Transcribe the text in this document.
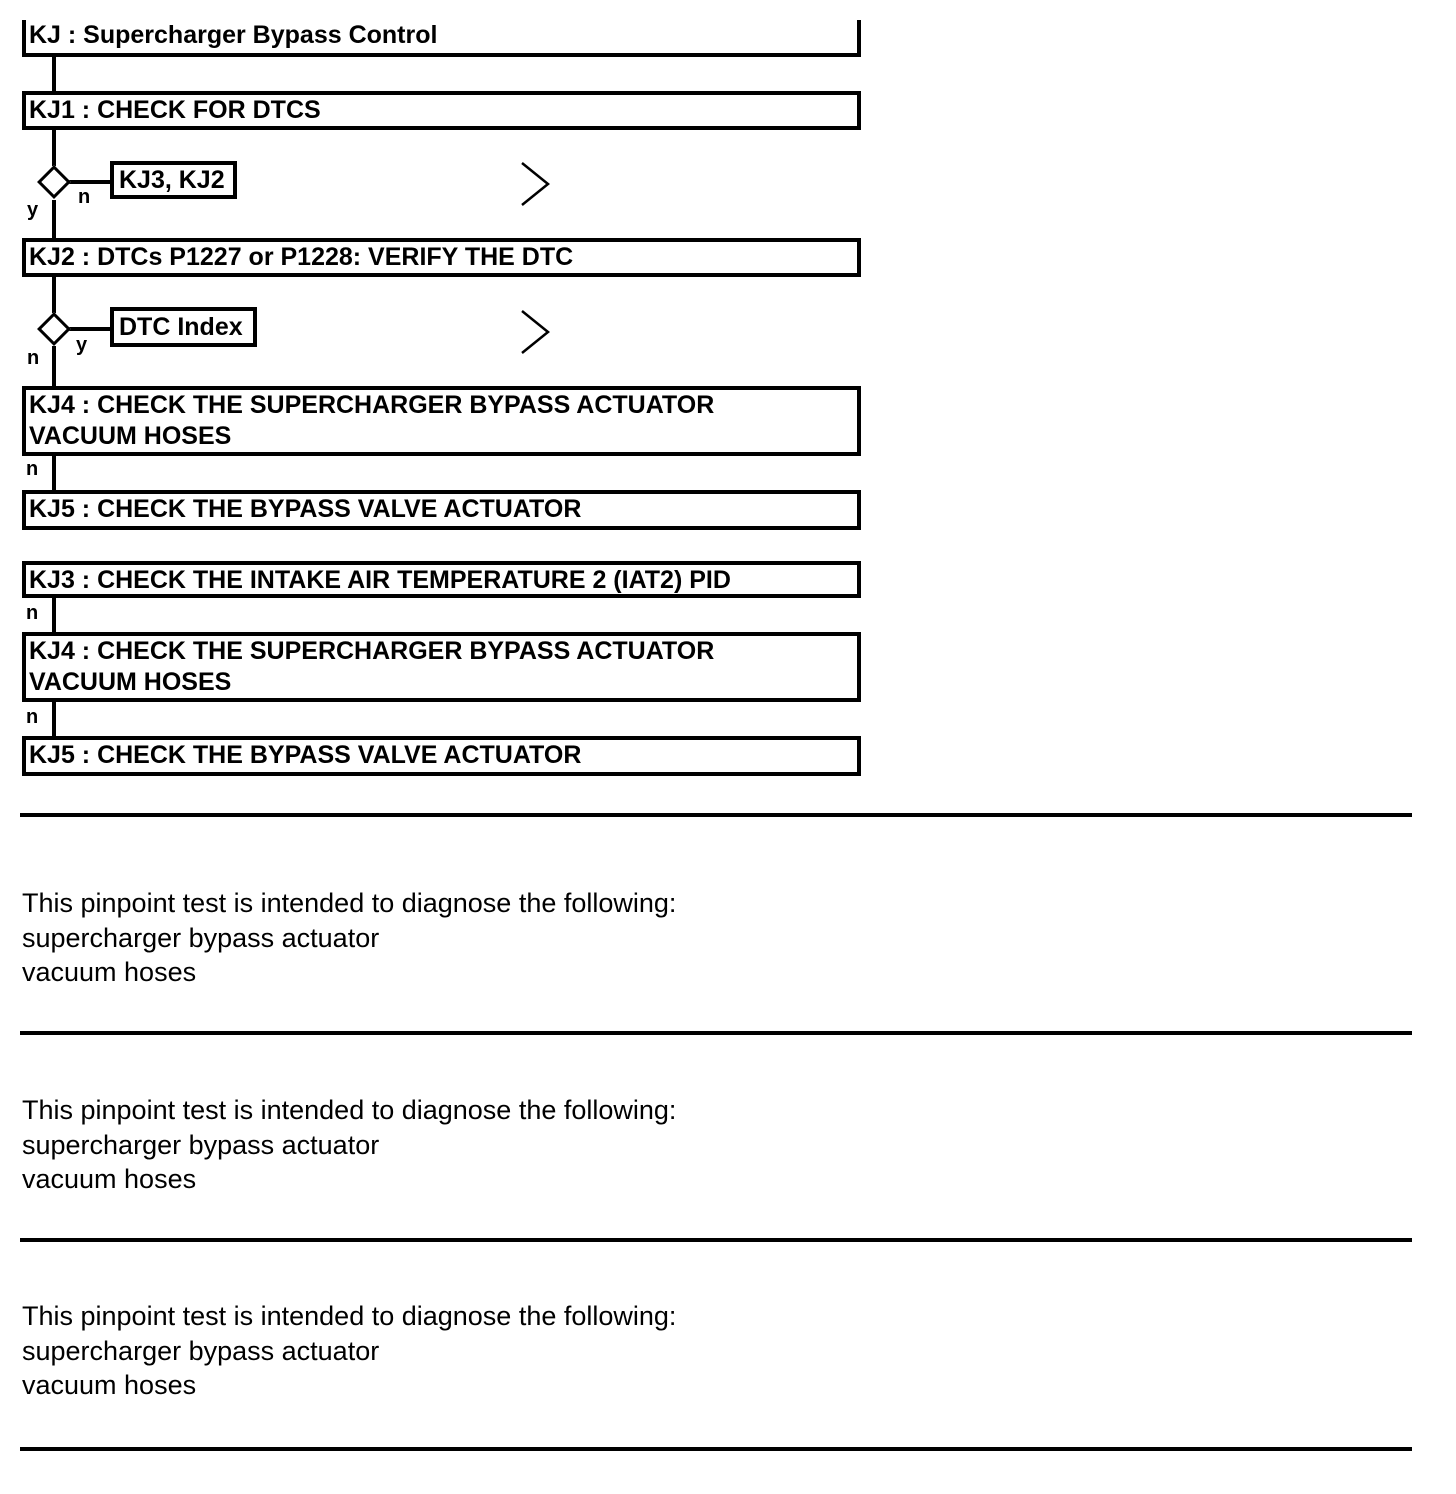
KJ : Supercharger Bypass Control
KJ1 : CHECK FOR DTCS
KJ3, KJ2
n
y
KJ2 : DTCs P1227 or P1228: VERIFY THE DTC
DTC Index
y
n
KJ4 : CHECK THE SUPERCHARGER BYPASS ACTUATOR
VACUUM HOSES
n
KJ5 : CHECK THE BYPASS VALVE ACTUATOR
KJ3 : CHECK THE INTAKE AIR TEMPERATURE 2 (IAT2) PID
n
KJ4 : CHECK THE SUPERCHARGER BYPASS ACTUATOR
VACUUM HOSES
n
KJ5 : CHECK THE BYPASS VALVE ACTUATOR
This pinpoint test is intended to diagnose the following:
supercharger bypass actuator
vacuum hoses
This pinpoint test is intended to diagnose the following:
supercharger bypass actuator
vacuum hoses
This pinpoint test is intended to diagnose the following:
supercharger bypass actuator
vacuum hoses
